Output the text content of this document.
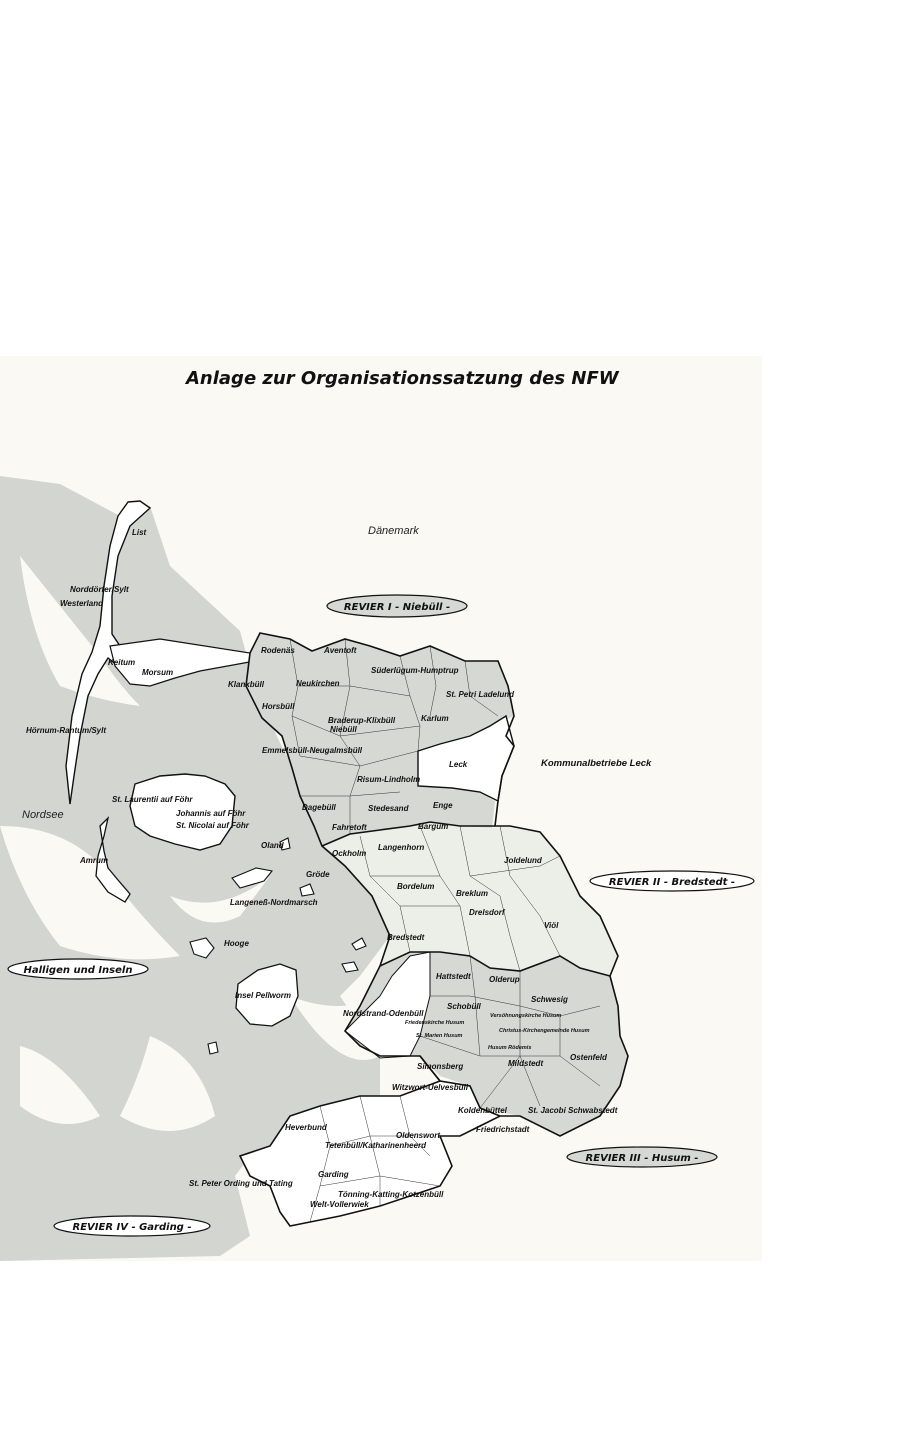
Anlage zur Organisationssatzung des NFW
Dänemark
Nordsee
REVIER I - Niebüll -
REVIER II - Bredstedt -
REVIER III - Husum -
REVIER IV - Garding -
Halligen und Inseln
Kommunalbetriebe Leck
Leck
List
Norddörfer/Sylt
Westerland
Keitum
Morsum
Hörnum-Rantum/Sylt
St. Laurentii auf Föhr
Johannis auf Föhr
St. Nicolai auf Föhr
Amrum
Oland
Gröde
Langeneß-Nordmarsch
Hooge
Insel Pellworm
Rodenäs	Aventoft
Süderlügum-Humptrup
Klanxbüll	Neukirchen
St. Petri Ladelund
Horsbüll
Braderup-Klixbüll
Niebüll
Karlum
Emmelsbüll-Neugalmsbüll
Risum-Lindholm
Dagebüll	Stedesand	Enge
Fahretoft	Bargum
Ockholm
Langenhorn
Joldelund
Bordelum
Breklum
Drelsdorf
Viöl
Bredstedt
Hattstedt Olderup
Schwesig
Nordstrand-Odenbüll
Schobüll
Friedenskirche Husum
Versöhnungskirche Husum
Christus-Kirchengemeinde Husum
St. Marien Husum
Husum Rödemis
Ostenfeld
Mildstedt
Simonsberg
Witzwort-Uelvesbüll
Koldenbüttel	St. Jacobi Schwabstedt
Friedrichstadt
Heverbund
Oldenswort
Tetenbüll/Katharinenheerd
Garding
St. Peter Ording und Tating
Tönning-Katting-Kotzenbüll
Welt-Vollerwiek
